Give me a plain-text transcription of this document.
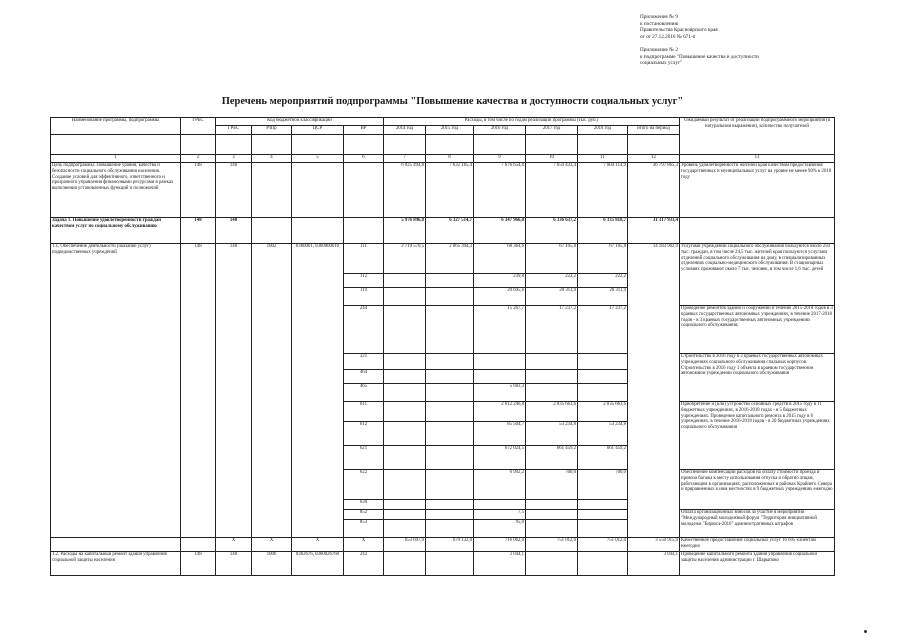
Приложение № 9
к постановлению
Правительства Красноярского края
от от 27.12.2016 № 671-п

Приложение № 2
к подпрограмме "Повышение качества и доступности
социальных услуг"
Перечень мероприятий подпрограммы "Повышение качества и доступности социальных услуг"
Наименование программы, подпрограммы	ГРБС	Код бюджетной классификации				Расходы, в том числе по годам реализации программы (тыс. руб.)						Ожидаемый результат от реализации подпрограммного мероприятия (в натуральном выражении), количество получателей
		ГРБС	РзПр	ЦСР	ВР	2014 год	2015 год	2016 год	2017 год	2018 год	итого на период	

1	2	3	4	5	6	7	8	9	10	11	12	13
Цель подпрограммы: Повышение уровня, качества и безопасности социального обслуживания населения. Создание условий для эффективного, ответственного и прозрачного управления финансовыми ресурсами в рамках выполнения установленных функций и полномочий	148	148				6 025 494,8	7 632 185,4	7 676 654,8	7 659 433,4	7 804 114,9	36 797 865,3	Уровень удовлетворенности жителей края качеством предоставления государственных и муниципальных услуг на уровне не менее 90% к 2018 году
Задача 1. Повышение удовлетворенности граждан качеством услуг по социальному обслуживанию	148	148				5 976 896,8	6 327 514,7	6 347 966,0	6 336 637,2	6 335 818,7	31 317 933,4	
1.1. Обеспечение деятельности (оказание услуг) подведомственных учреждений	148	148	1002	0360061, 0360000610	111	2 719 570,5	2 865 394,3	68 364,6	67 105,8	67 105,8	14 183 962,9	Услугами учреждений социального обслуживания пользуются около 250 тыс. граждан, в том числе 24,5 тыс. жителей края пользуются услугами отделений социального обслуживания на дому, в специализированных отделениях социально-медицинского обслуживания. В стационарных условиях проживают около 7 тыс. человек, в том числе 1,6 тыс. детей
					112			239,8	222,2	222,2		
					119			20 695,6	20 311,9	20 311,9		
					244			15 267,7	17 237,2	17 237,2		Проведение ремонтов зданий и сооружений в течение 2015-2018 годов в 3 краевых государственных автономных учреждениях, в течение 2017-2018 годов - в 3 краевых государственных автономных учреждениях социального обслуживания;
					321							Строительство в 2016 году в 2 краевых государственных автономных учреждениях социального обслуживания спальных корпусов. Строительство в 2016 году 1 объекта в краевом государственном автономном учреждении социального обслуживания
					464							
					465			5 683,3				
					611			2 612 246,8	2 035 663,6	2 035 663,6		Приобретение и (или) устройство основных средств в 2015 году в 11 бюджетных учреждениях, в 2016-2018 годах - в 5 бюджетных учреждениях. Проведение капитального ремонта в 2015 году в 6 учреждениях, в течение 2016-2018 годов - в 20 бюджетных учреждениях социального обслуживания
					612			85 504,7	53 234,8	53 234,8		
					621			672 024,5	661 459,2	661 459,2		
					622			6 992,2	700,0	700,0		Обеспечение компенсации расходов на оплату стоимости проезда и провоза багажа к месту использования отпуска и обратно лицам, работающим в организациях, расположенных в районах Крайнего Севера и приравненных к ним местностях в 9 бюджетных учреждениях ежегодно
					630							
					852			7,5				Оплата организационных взносов за участие в мероприятии "Международный молодежный форум "Территория инициативной молодежи "Бирюса-2016" административных штрафов
					853			95,0				
		X	X	X	X	653 697,9	679 132,0	716 062,0	751 012,0	751 012,0	3 550 915,9	Качественное предоставление социальных услуг 16 695 клиентам ежегодно
1.2. Расходы на капитальный ремонт здания управления социальной защиты населения	148	148	1006	0362676, 0360026760	243			3 044,1			3 044,1	Проведение капитального ремонта здания управления социальной защиты населения администрации г. Шарыпово
